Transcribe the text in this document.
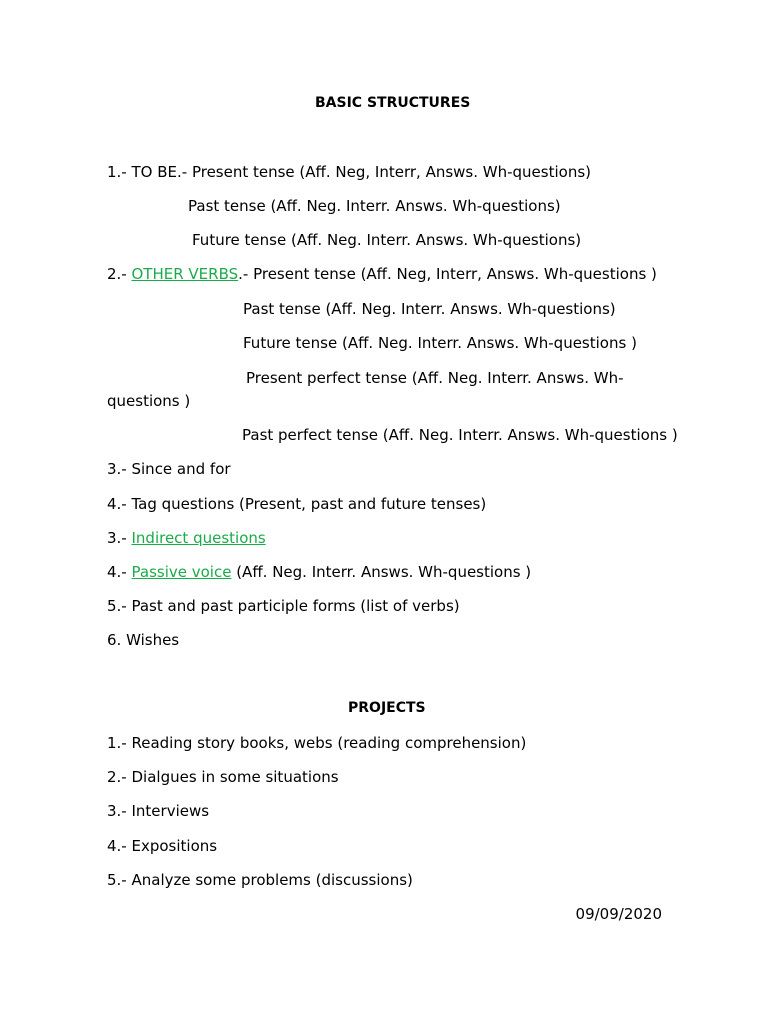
BASIC STRUCTURES
1.- TO BE.- Present tense (Aff. Neg, Interr, Answs. Wh-questions)
Past tense (Aff. Neg. Interr. Answs. Wh-questions)
Future tense (Aff. Neg. Interr. Answs. Wh-questions)
2.- OTHER VERBS.- Present tense (Aff. Neg, Interr, Answs. Wh-questions )
Past tense (Aff. Neg. Interr. Answs. Wh-questions)
Future tense (Aff. Neg. Interr. Answs. Wh-questions )
Present perfect tense (Aff. Neg. Interr. Answs. Wh-
questions )
Past perfect tense (Aff. Neg. Interr. Answs. Wh-questions )
3.- Since and for
4.- Tag questions (Present, past and future tenses)
3.- Indirect questions
4.- Passive voice (Aff. Neg. Interr. Answs. Wh-questions )
5.- Past and past participle forms (list of verbs)
6. Wishes
PROJECTS
1.- Reading story books, webs (reading comprehension)
2.- Dialgues in some situations
3.- Interviews
4.- Expositions
5.- Analyze some problems (discussions)
09/09/2020
